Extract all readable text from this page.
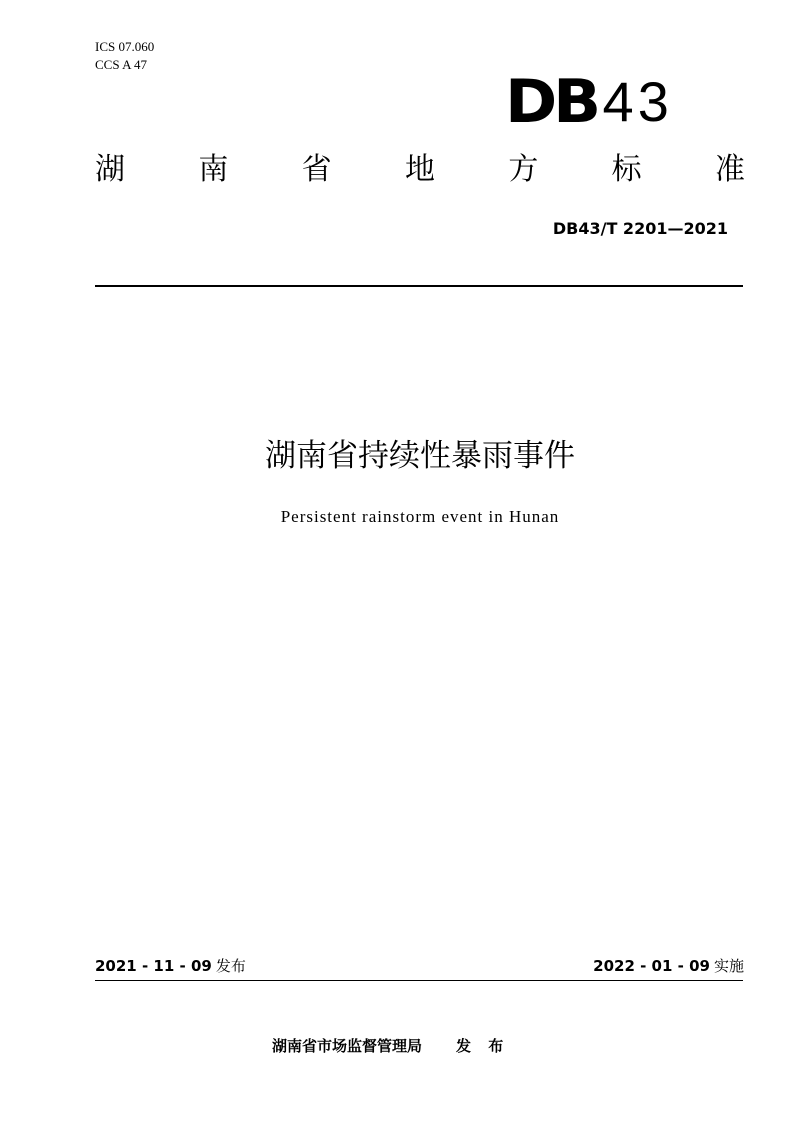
ICS 07.060
CCS A 47
DB 43
湖 南 省 地 方 标 准
DB43/T 2201—2021
湖南省持续性暴雨事件
Persistent rainstorm event in Hunan
2021 - 11 - 09 发布	2022 - 01 - 09 实施
湖南省市场监督管理局 发 布
